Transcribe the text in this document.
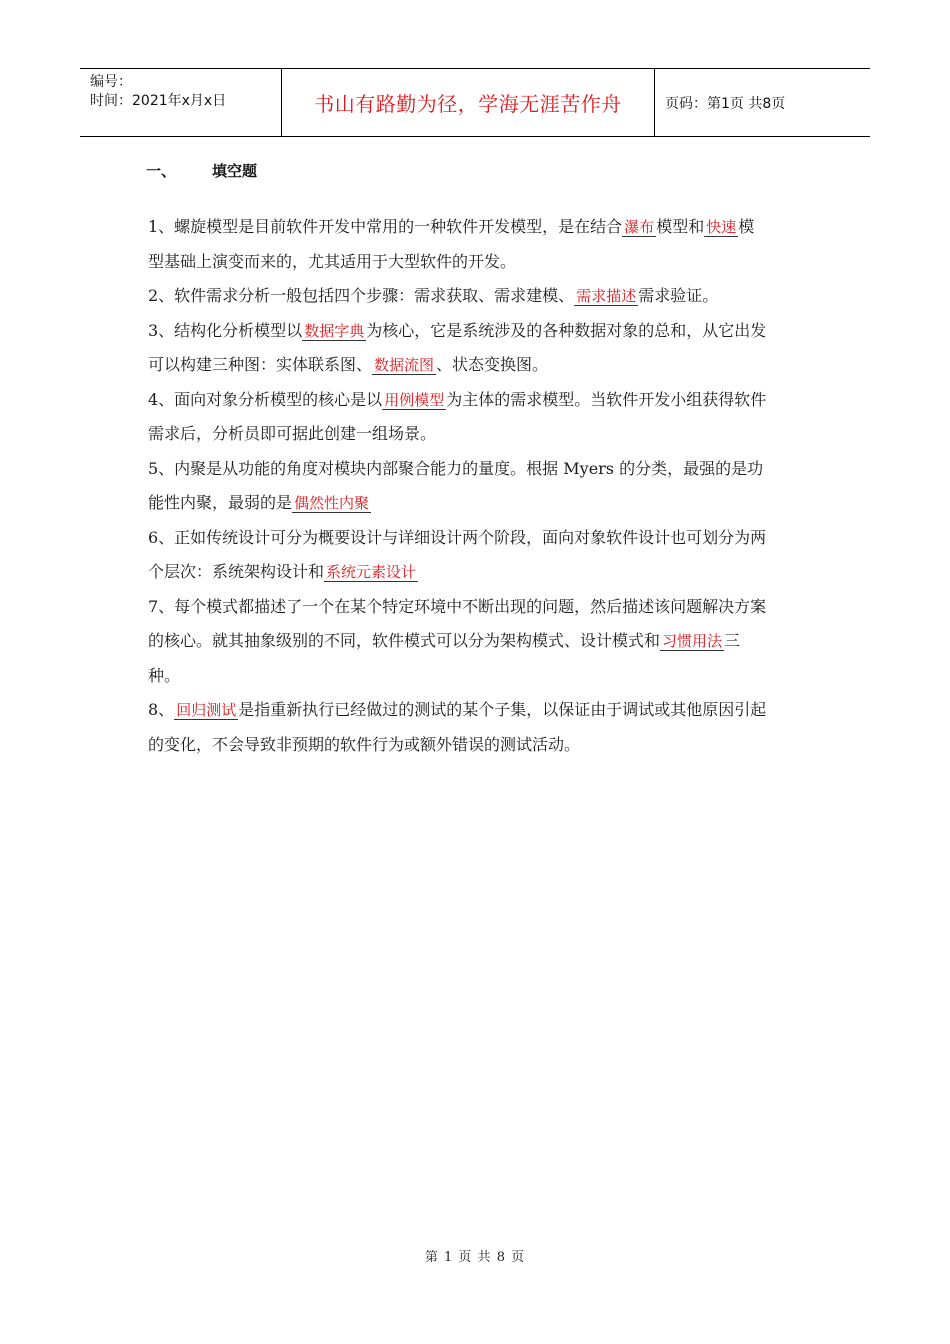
编号：
时间：2021年x月x日	书山有路勤为径，学海无涯苦作舟	页码：第1页 共8页
一、 填空题

1、螺旋模型是目前软件开发中常用的一种软件开发模型，是在结合 瀑布 模型和 快速 模型基础上演变而来的，尤其适用于大型软件的开发。

2、软件需求分析一般包括四个步骤：需求获取、需求建模、 需求描述 需求验证。

3、结构化分析模型以 数据字典 为核心，它是系统涉及的各种数据对象的总和，从它出发可以构建三种图：实体联系图、 数据流图 、状态变换图。

4、面向对象分析模型的核心是以 用例模型 为主体的需求模型。当软件开发小组获得软件需求后，分析员即可据此创建一组场景。

5、内聚是从功能的角度对模块内部聚合能力的量度。根据 Myers 的分类，最强的是功能性内聚，最弱的是 偶然性内聚

6、正如传统设计可分为概要设计与详细设计两个阶段，面向对象软件设计也可划分为两个层次：系统架构设计和 系统元素设计

7、每个模式都描述了一个在某个特定环境中不断出现的问题，然后描述该问题解决方案的核心。就其抽象级别的不同，软件模式可以分为架构模式、设计模式和 习惯用法 三种。

8、 回归测试 是指重新执行已经做过的测试的某个子集，以保证由于调试或其他原因引起的变化，不会导致非预期的软件行为或额外错误的测试活动。

第 1 页 共 8 页
